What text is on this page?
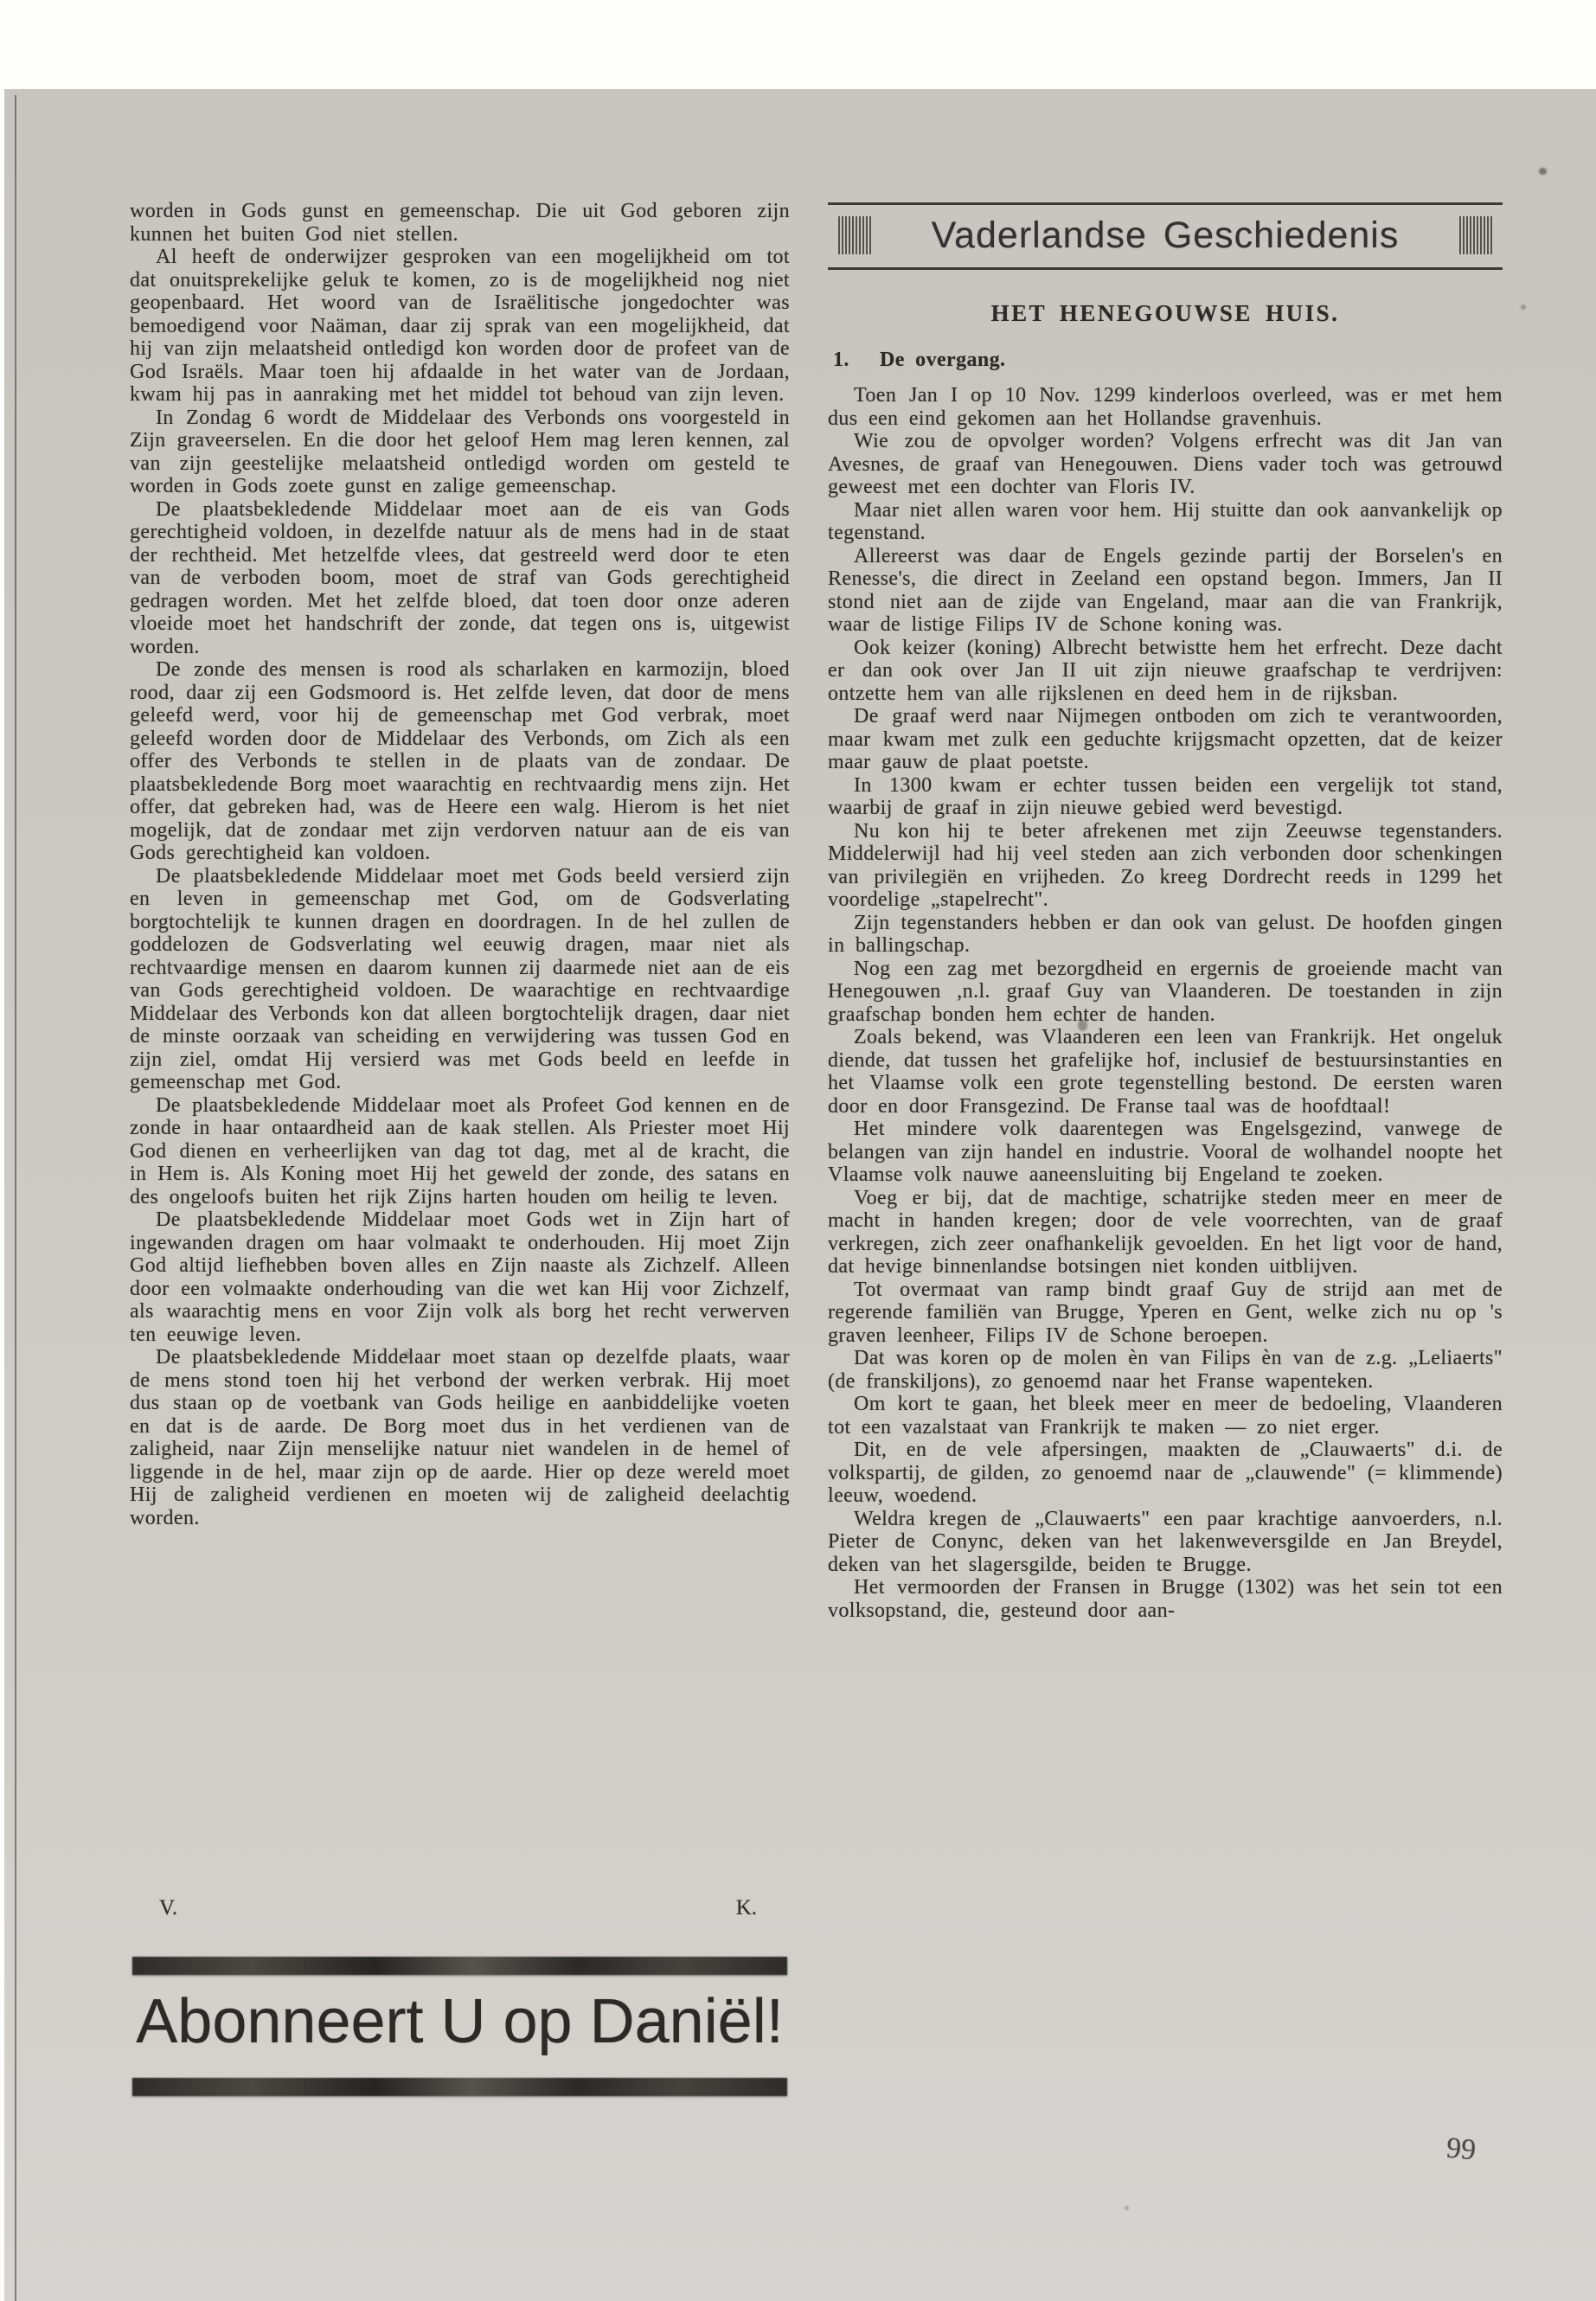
worden in Gods gunst en gemeenschap. Die uit God geboren zijn kunnen het buiten God niet stellen.

Al heeft de onderwijzer gesproken van een mogelijkheid om tot dat onuitsprekelijke geluk te komen, zo is de mogelijkheid nog niet geopenbaard. Het woord van de Israëlitische jongedochter was bemoedigend voor Naäman, daar zij sprak van een mogelijkheid, dat hij van zijn melaatsheid ontledigd kon worden door de profeet van de God Israëls. Maar toen hij afdaalde in het water van de Jordaan, kwam hij pas in aanraking met het middel tot behoud van zijn leven.

In Zondag 6 wordt de Middelaar des Verbonds ons voorgesteld in Zijn graveerselen. En die door het geloof Hem mag leren kennen, zal van zijn geestelijke melaatsheid ontledigd worden om gesteld te worden in Gods zoete gunst en zalige gemeenschap.

De plaatsbekledende Middelaar moet aan de eis van Gods gerechtigheid voldoen, in dezelfde natuur als de mens had in de staat der rechtheid. Met hetzelfde vlees, dat gestreeld werd door te eten van de verboden boom, moet de straf van Gods gerechtigheid gedragen worden. Met het zelfde bloed, dat toen door onze aderen vloeide moet het handschrift der zonde, dat tegen ons is, uitgewist worden.

De zonde des mensen is rood als scharlaken en karmozijn, bloed rood, daar zij een Godsmoord is. Het zelfde leven, dat door de mens geleefd werd, voor hij de gemeenschap met God verbrak, moet geleefd worden door de Middelaar des Verbonds, om Zich als een offer des Verbonds te stellen in de plaats van de zondaar. De plaatsbekledende Borg moet waarachtig en rechtvaardig mens zijn. Het offer, dat gebreken had, was de Heere een walg. Hierom is het niet mogelijk, dat de zondaar met zijn verdorven natuur aan de eis van Gods gerechtigheid kan voldoen.

De plaatsbekledende Middelaar moet met Gods beeld versierd zijn en leven in gemeenschap met God, om de Godsverlating borgtochtelijk te kunnen dragen en doordragen. In de hel zullen de goddelozen de Godsverlating wel eeuwig dragen, maar niet als rechtvaardige mensen en daarom kunnen zij daarmede niet aan de eis van Gods gerechtigheid voldoen. De waarachtige en rechtvaardige Middelaar des Verbonds kon dat alleen borgtochtelijk dragen, daar niet de minste oorzaak van scheiding en verwijdering was tussen God en zijn ziel, omdat Hij versierd was met Gods beeld en leefde in gemeenschap met God.

De plaatsbekledende Middelaar moet als Profeet God kennen en de zonde in haar ontaardheid aan de kaak stellen. Als Priester moet Hij God dienen en verheerlijken van dag tot dag, met al de kracht, die in Hem is. Als Koning moet Hij het geweld der zonde, des satans en des ongeloofs buiten het rijk Zijns harten houden om heilig te leven.

De plaatsbekledende Middelaar moet Gods wet in Zijn hart of ingewanden dragen om haar volmaakt te onderhouden. Hij moet Zijn God altijd liefhebben boven alles en Zijn naaste als Zichzelf. Alleen door een volmaakte onderhouding van die wet kan Hij voor Zichzelf, als waarachtig mens en voor Zijn volk als borg het recht verwerven ten eeuwige leven.

De plaatsbekledende Middelaar moet staan op dezelfde plaats, waar de mens stond toen hij het verbond der werken verbrak. Hij moet dus staan op de voetbank van Gods heilige en aanbiddelijke voeten en dat is de aarde. De Borg moet dus in het verdienen van de zaligheid, naar Zijn menselijke natuur niet wandelen in de hemel of liggende in de hel, maar zijn op de aarde. Hier op deze wereld moet Hij de zaligheid verdienen en moeten wij de zaligheid deelachtig worden.

V.	K.
Abonneert U op Daniël!
Vaderlandse Geschiedenis
HET HENEGOUWSE HUIS.
1. De overgang.

Toen Jan I op 10 Nov. 1299 kinderloos overleed, was er met hem dus een eind gekomen aan het Hollandse gravenhuis.

Wie zou de opvolger worden? Volgens erfrecht was dit Jan van Avesnes, de graaf van Henegouwen. Diens vader toch was getrouwd geweest met een dochter van Floris IV.

Maar niet allen waren voor hem. Hij stuitte dan ook aanvankelijk op tegenstand.

Allereerst was daar de Engels gezinde partij der Borselen's en Renesse's, die direct in Zeeland een opstand begon. Immers, Jan II stond niet aan de zijde van Engeland, maar aan die van Frankrijk, waar de listige Filips IV de Schone koning was.

Ook keizer (koning) Albrecht betwistte hem het erfrecht. Deze dacht er dan ook over Jan II uit zijn nieuwe graafschap te verdrijven: ontzette hem van alle rijkslenen en deed hem in de rijksban.

De graaf werd naar Nijmegen ontboden om zich te verantwoorden, maar kwam met zulk een geduchte krijgsmacht opzetten, dat de keizer maar gauw de plaat poetste.

In 1300 kwam er echter tussen beiden een vergelijk tot stand, waarbij de graaf in zijn nieuwe gebied werd bevestigd.

Nu kon hij te beter afrekenen met zijn Zeeuwse tegenstanders. Middelerwijl had hij veel steden aan zich verbonden door schenkingen van privilegiën en vrijheden. Zo kreeg Dordrecht reeds in 1299 het voordelige „stapelrecht".

Zijn tegenstanders hebben er dan ook van gelust. De hoofden gingen in ballingschap.

Nog een zag met bezorgdheid en ergernis de groeiende macht van Henegouwen ,n.l. graaf Guy van Vlaanderen. De toestanden in zijn graafschap bonden hem echter de handen.

Zoals bekend, was Vlaanderen een leen van Frankrijk. Het ongeluk diende, dat tussen het grafelijke hof, inclusief de bestuursinstanties en het Vlaamse volk een grote tegenstelling bestond. De eersten waren door en door Fransgezind. De Franse taal was de hoofdtaal!

Het mindere volk daarentegen was Engelsgezind, vanwege de belangen van zijn handel en industrie. Vooral de wolhandel noopte het Vlaamse volk nauwe aaneensluiting bij Engeland te zoeken.

Voeg er bij, dat de machtige, schatrijke steden meer en meer de macht in handen kregen; door de vele voorrechten, van de graaf verkregen, zich zeer onafhankelijk gevoelden. En het ligt voor de hand, dat hevige binnenlandse botsingen niet konden uitblijven.

Tot overmaat van ramp bindt graaf Guy de strijd aan met de regerende familiën van Brugge, Yperen en Gent, welke zich nu op 's graven leenheer, Filips IV de Schone beroepen.

Dat was koren op de molen èn van Filips èn van de z.g. „Leliaerts" (de franskiljons), zo genoemd naar het Franse wapenteken.

Om kort te gaan, het bleek meer en meer de bedoeling, Vlaanderen tot een vazalstaat van Frankrijk te maken — zo niet erger.

Dit, en de vele afpersingen, maakten de „Clauwaerts" d.i. de volkspartij, de gilden, zo genoemd naar de „clauwende" (= klimmende) leeuw, woedend.

Weldra kregen de „Clauwaerts" een paar krachtige aanvoerders, n.l. Pieter de Conync, deken van het lakenweversgilde en Jan Breydel, deken van het slagersgilde, beiden te Brugge.

Het vermoorden der Fransen in Brugge (1302) was het sein tot een volksopstand, die, gesteund door aan-

99
